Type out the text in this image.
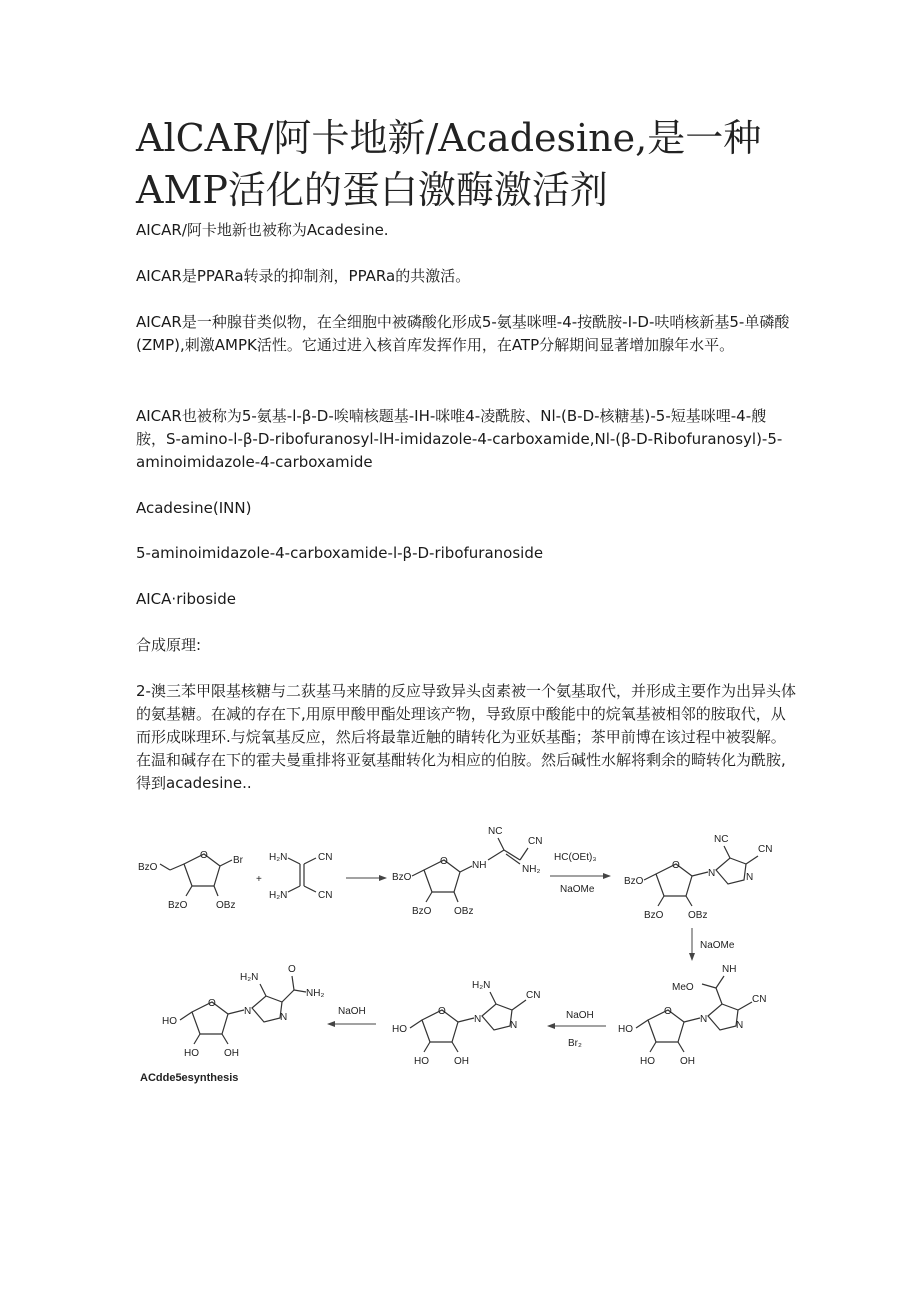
AlCAR/阿卡地新/Acadesine,是一种AMP活化的蛋白激酶激活剂

AICAR/阿卡地新也被称为Acadesine.

AICAR是PPARa转录的抑制剂，PPARa的共激活。

AICAR是一种腺苷类似物，在全细胞中被磷酸化形成5-氨基咪哩-4-按酰胺-I-D-呋哨核新基5-单磷酸(ZMP),刺激AMPK活性。它通过进入核首库发挥作用，在ATP分解期间显著增加腺年水平。

AICAR也被称为5-氨基-l-β-D-唉喃核题基-IH-咪唯4-凌酰胺、Nl-(B-D-核糖基)-5-短基咪哩-4-艘胺，S-amino-l-β-D-ribofuranosyl-lH-imidazole-4-carboxamide,Nl-(β-D-Ribofuranosyl)-5-aminoimidazole-4-carboxamide

Acadesine(INN)

5-aminoimidazole-4-carboxamide-l-β-D-ribofuranoside

AICA·riboside

合成原理:

2-澳三苯甲限基核糖与二荻基马来腈的反应导致异头卤素被一个氨基取代，并形成主要作为出异头体的氨基糖。在减的存在下,用原甲酸甲酯处理该产物，导致原中酸能中的烷氧基被相邻的胺取代，从而形成咪理环.与烷氧基反应，然后将最靠近触的睛转化为亚妖基酯；茶甲前博在该过程中被裂解。在温和碱存在下的霍夫曼重排将亚氨基酣转化为相应的伯胺。然后碱性水解将剩余的畸转化为酰胺,得到acadesine..

O	Br
BzO
BzO	OBz
+
H₂N	CN
H₂N	CN
O NH
NC
CN
NH₂
BzO
BzO OBz
HC(OEt)₃
NaOMe
O
N	N
NC
CN
BzO
BzO OBz
NaOMe
O
N
N
NH
MeO
CN
HO
HO	OH
NaOH
Br₂
O
N
N
H₂N
CN
HO
HO	OH
NaOH
O
N
N
H₂N
O
NH₂
HO
HO	OH
ACdde5esynthesis
